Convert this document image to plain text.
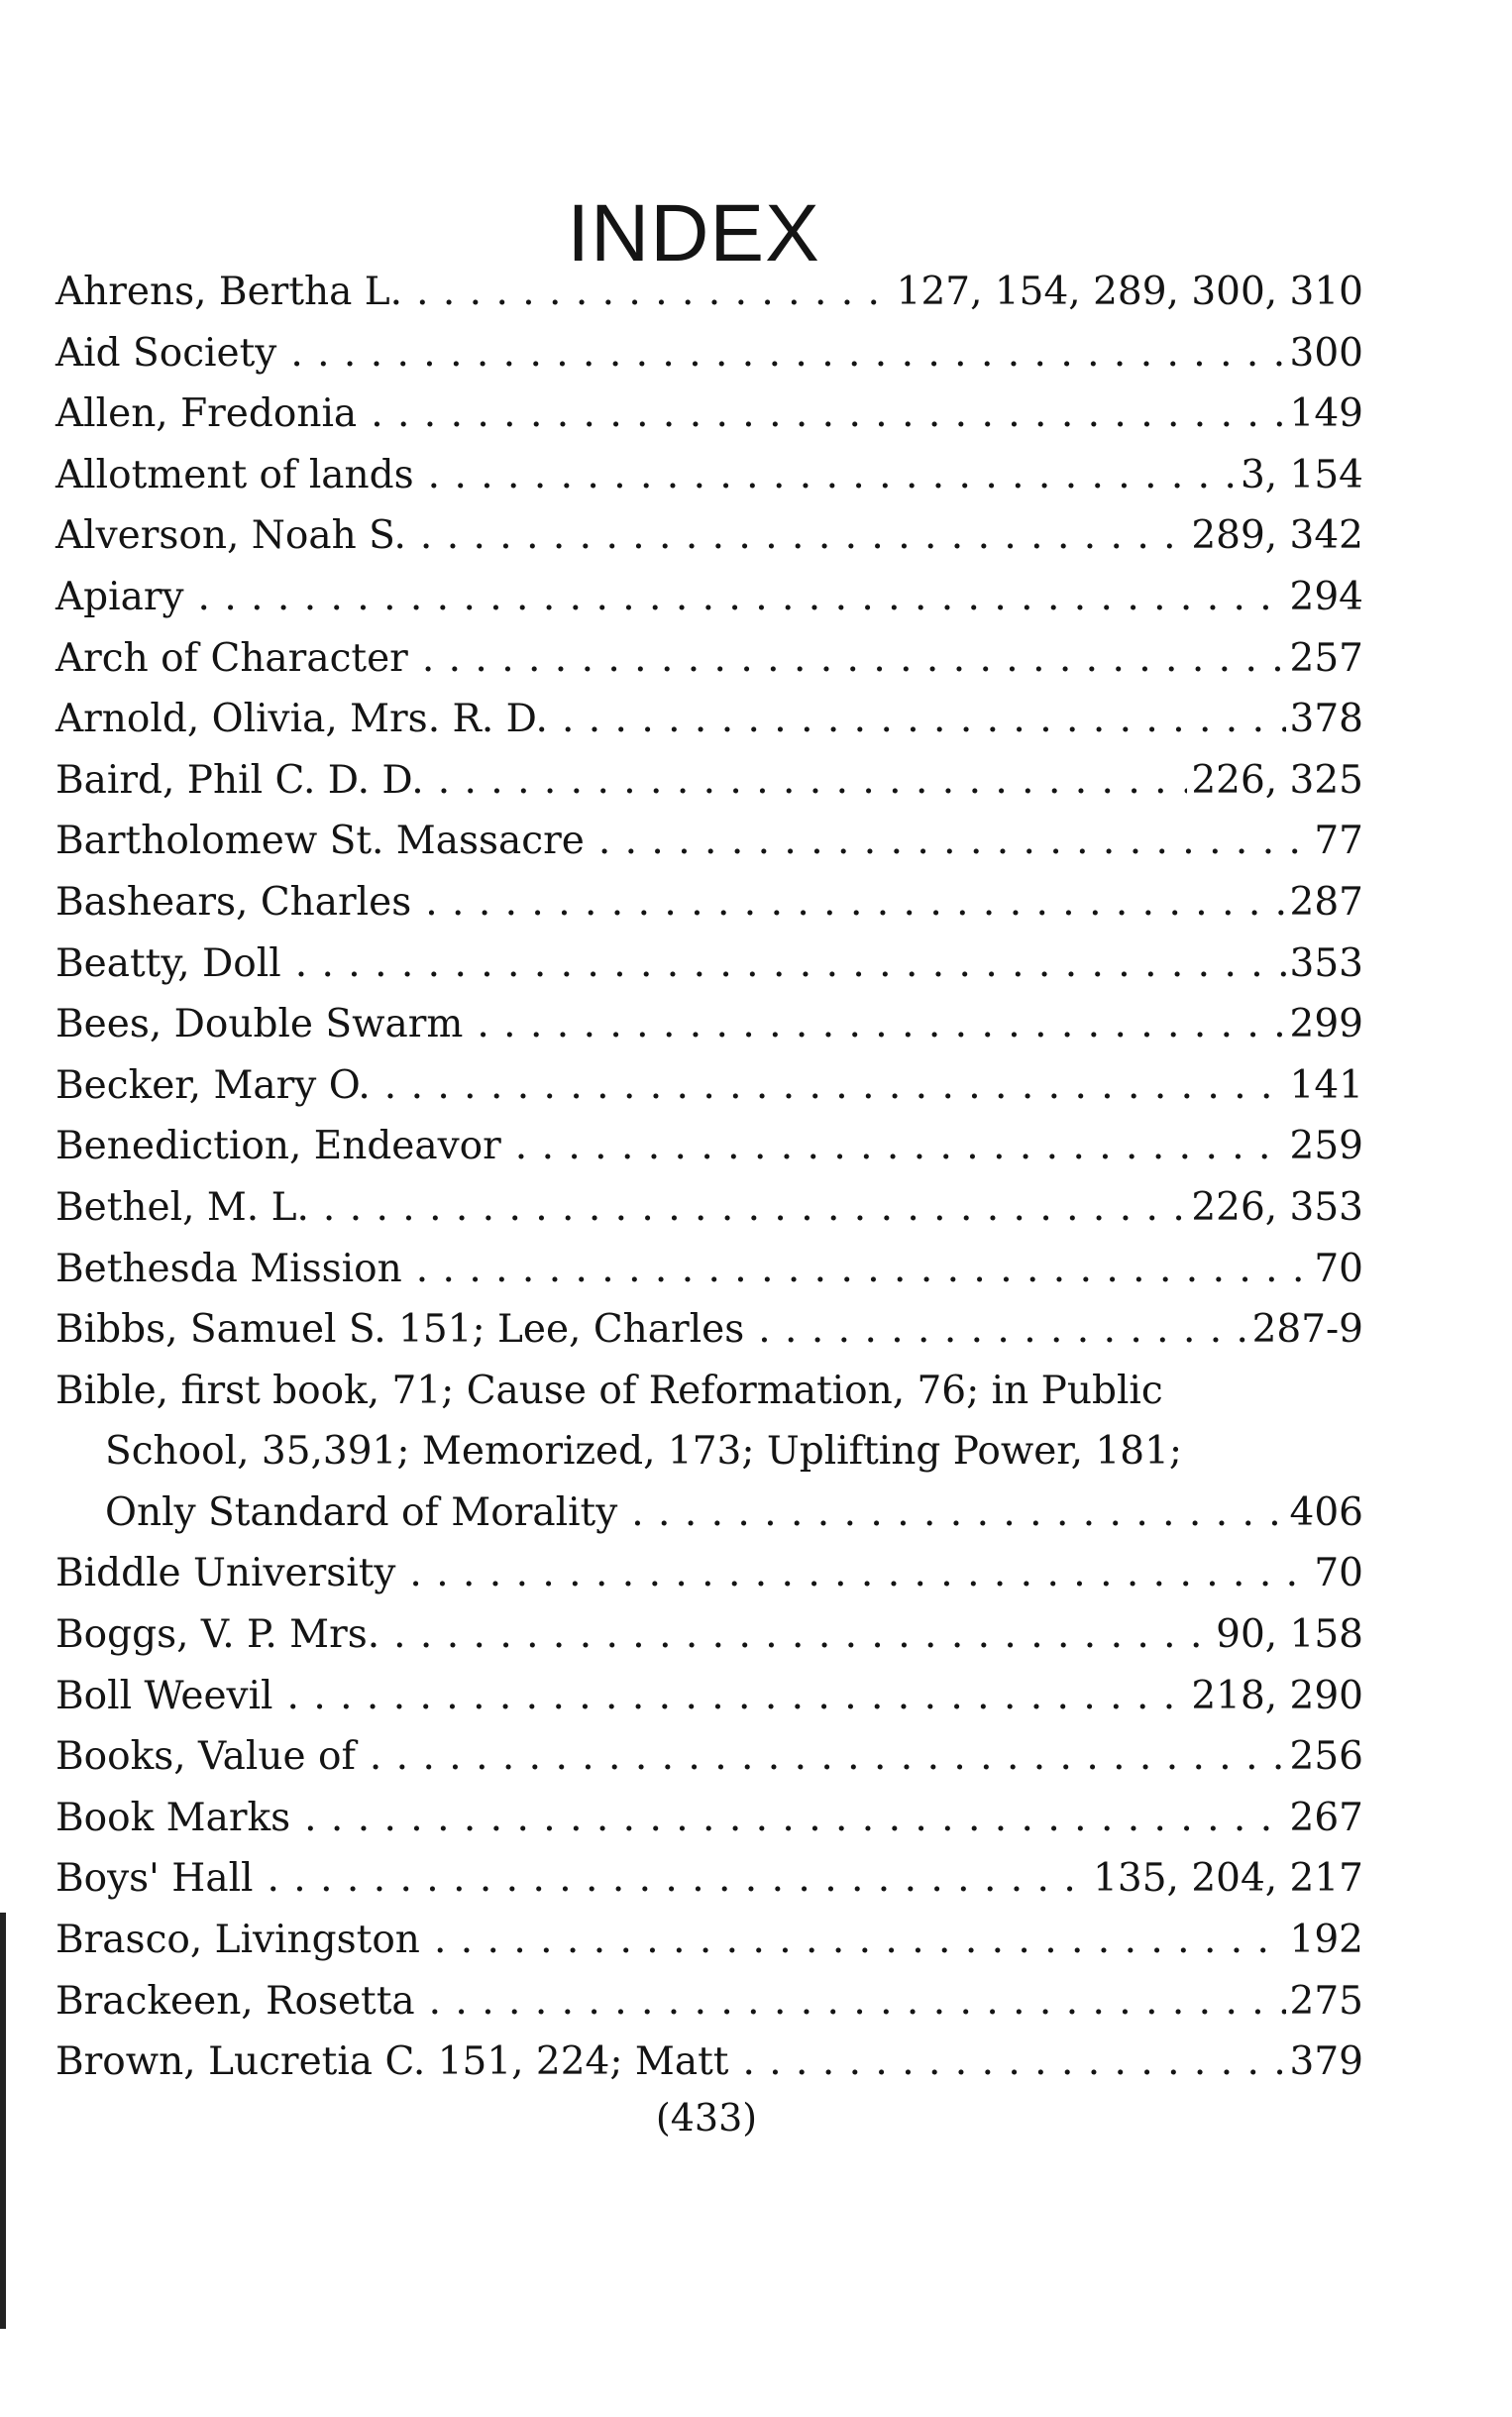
INDEX
Ahrens, Bertha L. . . .	127, 154, 289, 300, 310
Aid Society . . .	300
Allen, Fredonia . . .	149
Allotment of lands . . .	3, 154
Alverson, Noah S. . . .	289, 342
Apiary . . .	294
Arch of Character . . .	257
Arnold, Olivia, Mrs. R. D. . . .	378
Baird, Phil C. D. D. . . .	226, 325
Bartholomew St. Massacre . . .	77
Bashears, Charles . . .	287
Beatty, Doll . . .	353
Bees, Double Swarm . . .	299
Becker, Mary O. . . .	141
Benediction, Endeavor . . .	259
Bethel, M. L. . . .	226, 353
Bethesda Mission . . .	70
Bibbs, Samuel S. 151; Lee, Charles . . .	287-9
Bible, first book, 71; Cause of Reformation, 76; in Public
School, 35,391; Memorized, 173; Uplifting Power, 181;
Only Standard of Morality . . .	406
Biddle University . . .	70
Boggs, V. P. Mrs. . . .	90, 158
Boll Weevil . . .	218, 290
Books, Value of . . .	256
Book Marks . . .	267
Boys' Hall . . .	135, 204, 217
Brasco, Livingston . . .	192
Brackeen, Rosetta . . .	275
Brown, Lucretia C. 151, 224; Matt . . .	379
(433)
